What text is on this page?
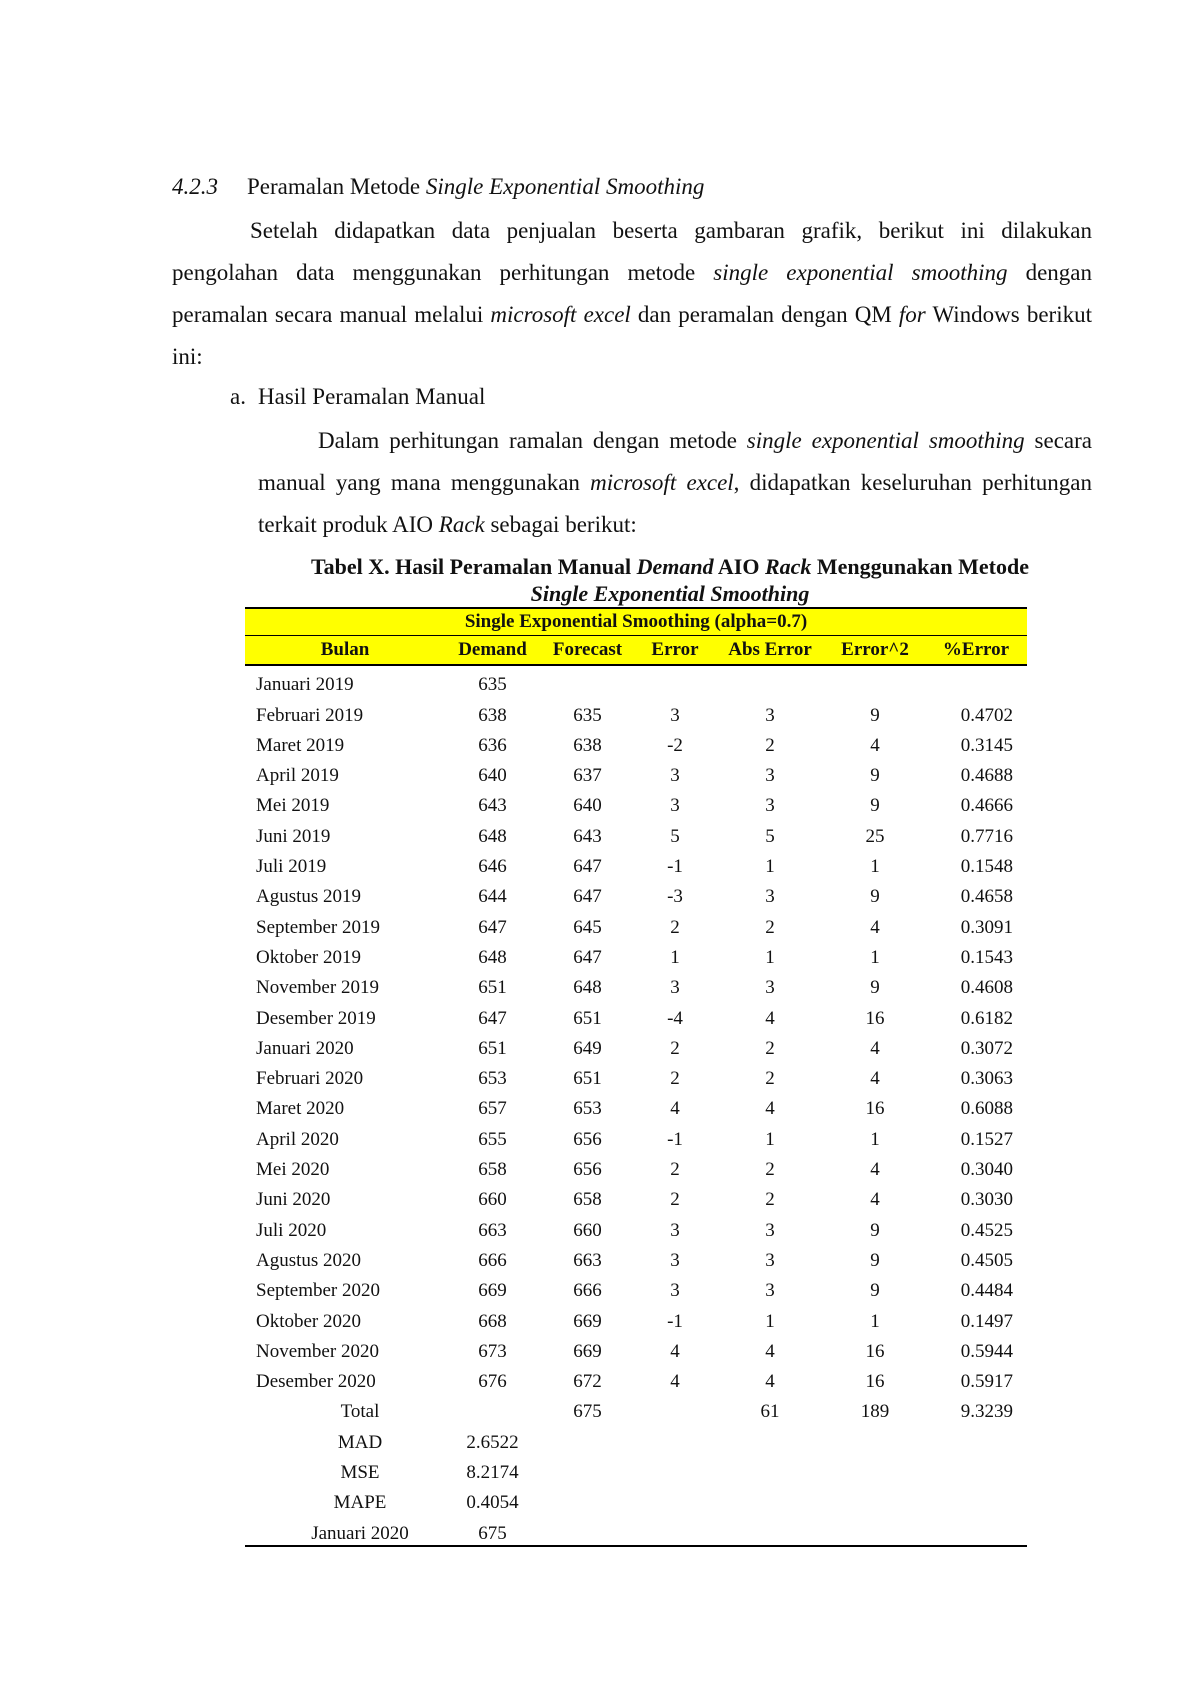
4.2.3 Peramalan Metode Single Exponential Smoothing
Setelah didapatkan data penjualan beserta gambaran grafik, berikut ini dilakukan pengolahan data menggunakan perhitungan metode single exponential smoothing dengan peramalan secara manual melalui microsoft excel dan peramalan dengan QM for Windows berikut ini:
a. Hasil Peramalan Manual
Dalam perhitungan ramalan dengan metode single exponential smoothing secara manual yang mana menggunakan microsoft excel, didapatkan keseluruhan perhitungan terkait produk AIO Rack sebagai berikut:
Tabel X. Hasil Peramalan Manual Demand AIO Rack Menggunakan Metode
Single Exponential Smoothing
Single Exponential Smoothing (alpha=0.7)						
Bulan	Demand	Forecast	Error	Abs Error	Error^2	%Error
Januari 2019	635					
Februari 2019	638	635	3	3	9	0.4702
Maret 2019	636	638	-2	2	4	0.3145
April 2019	640	637	3	3	9	0.4688
Mei 2019	643	640	3	3	9	0.4666
Juni 2019	648	643	5	5	25	0.7716
Juli 2019	646	647	-1	1	1	0.1548
Agustus 2019	644	647	-3	3	9	0.4658
September 2019	647	645	2	2	4	0.3091
Oktober 2019	648	647	1	1	1	0.1543
November 2019	651	648	3	3	9	0.4608
Desember 2019	647	651	-4	4	16	0.6182
Januari 2020	651	649	2	2	4	0.3072
Februari 2020	653	651	2	2	4	0.3063
Maret 2020	657	653	4	4	16	0.6088
April 2020	655	656	-1	1	1	0.1527
Mei 2020	658	656	2	2	4	0.3040
Juni 2020	660	658	2	2	4	0.3030
Juli 2020	663	660	3	3	9	0.4525
Agustus 2020	666	663	3	3	9	0.4505
September 2020	669	666	3	3	9	0.4484
Oktober 2020	668	669	-1	1	1	0.1497
November 2020	673	669	4	4	16	0.5944
Desember 2020	676	672	4	4	16	0.5917
Total		675		61	189	9.3239
MAD	2.6522					
MSE	8.2174					
MAPE	0.4054					
Januari 2020	675					
